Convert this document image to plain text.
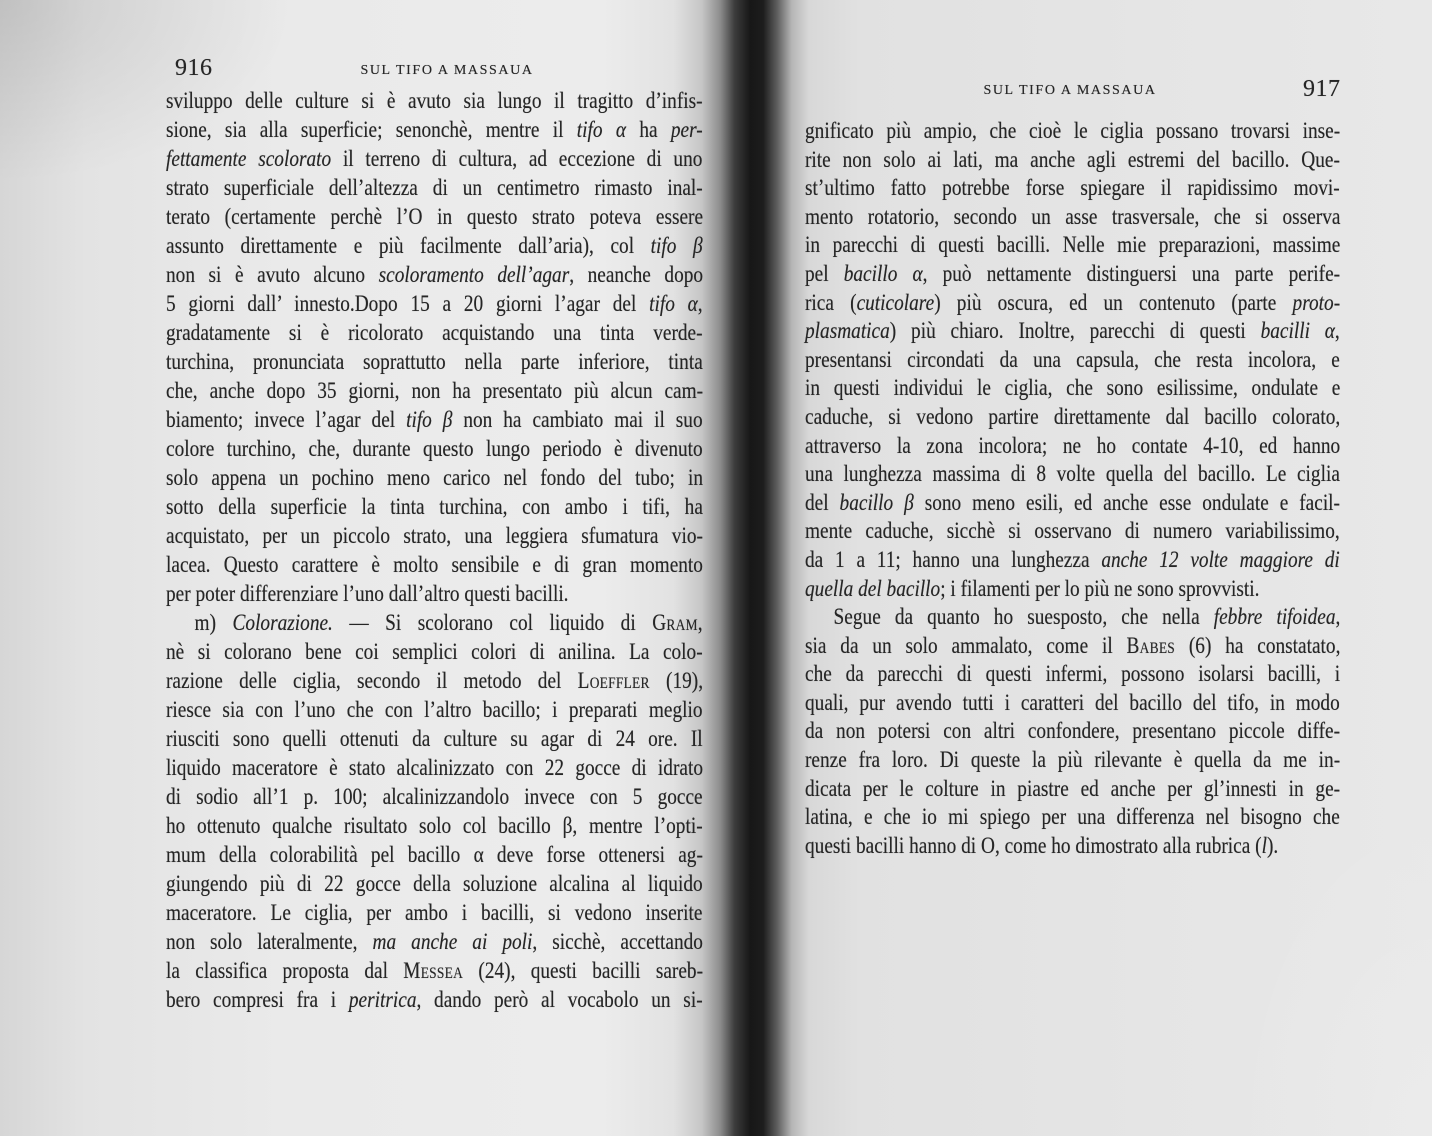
916	SUL TIFO A MASSAUA
sviluppo delle culture si è avuto sia lungo il tragitto d’infis-
sione, sia alla superficie; senonchè, mentre il tifo α ha per-
fettamente scolorato il terreno di cultura, ad eccezione di uno
strato superficiale dell’altezza di un centimetro rimasto inal-
terato (certamente perchè l’O in questo strato poteva essere
assunto direttamente e più facilmente dall’aria), col tifo β
non si è avuto alcuno scoloramento dell’agar, neanche dopo
5 giorni dall’ innesto.Dopo 15 a 20 giorni l’agar del tifo α,
gradatamente si è ricolorato acquistando una tinta verde-
turchina, pronunciata soprattutto nella parte inferiore, tinta
che, anche dopo 35 giorni, non ha presentato più alcun cam-
biamento; invece l’agar del tifo β non ha cambiato mai il suo
colore turchino, che, durante questo lungo periodo è divenuto
solo appena un pochino meno carico nel fondo del tubo; in
sotto della superficie la tinta turchina, con ambo i tifi, ha
acquistato, per un piccolo strato, una leggiera sfumatura vio-
lacea. Questo carattere è molto sensibile e di gran momento
per poter differenziare l’uno dall’altro questi bacilli.
m) Colorazione. — Si scolorano col liquido di Gram,
nè si colorano bene coi semplici colori di anilina. La colo-
razione delle ciglia, secondo il metodo del Loeffler (19),
riesce sia con l’uno che con l’altro bacillo; i preparati meglio
riusciti sono quelli ottenuti da culture su agar di 24 ore. Il
liquido maceratore è stato alcalinizzato con 22 gocce di idrato
di sodio all’1 p. 100; alcalinizzandolo invece con 5 gocce
ho ottenuto qualche risultato solo col bacillo β, mentre l’opti-
mum della colorabilità pel bacillo α deve forse ottenersi ag-
giungendo più di 22 gocce della soluzione alcalina al liquido
maceratore. Le ciglia, per ambo i bacilli, si vedono inserite
non solo lateralmente, ma anche ai poli, sicchè, accettando
la classifica proposta dal Messea (24), questi bacilli sareb-
bero compresi fra i peritrica, dando però al vocabolo un si-
SUL TIFO A MASSAUA	917
gnificato più ampio, che cioè le ciglia possano trovarsi inse-
rite non solo ai lati, ma anche agli estremi del bacillo. Que-
st’ultimo fatto potrebbe forse spiegare il rapidissimo movi-
mento rotatorio, secondo un asse trasversale, che si osserva
in parecchi di questi bacilli. Nelle mie preparazioni, massime
pel bacillo α, può nettamente distinguersi una parte perife-
rica (cuticolare) più oscura, ed un contenuto (parte proto-
plasmatica) più chiaro. Inoltre, parecchi di questi bacilli α,
presentansi circondati da una capsula, che resta incolora, e
in questi individui le ciglia, che sono esilissime, ondulate e
caduche, si vedono partire direttamente dal bacillo colorato,
attraverso la zona incolora; ne ho contate 4-10, ed hanno
una lunghezza massima di 8 volte quella del bacillo. Le ciglia
del bacillo β sono meno esili, ed anche esse ondulate e facil-
mente caduche, sicchè si osservano di numero variabilissimo,
da 1 a 11; hanno una lunghezza anche 12 volte maggiore di
quella del bacillo; i filamenti per lo più ne sono sprovvisti.
Segue da quanto ho suesposto, che nella febbre tifoidea,
sia da un solo ammalato, come il Babes (6) ha constatato,
che da parecchi di questi infermi, possono isolarsi bacilli, i
quali, pur avendo tutti i caratteri del bacillo del tifo, in modo
da non potersi con altri confondere, presentano piccole diffe-
renze fra loro. Di queste la più rilevante è quella da me in-
dicata per le colture in piastre ed anche per gl’innesti in ge-
latina, e che io mi spiego per una differenza nel bisogno che
questi bacilli hanno di O, come ho dimostrato alla rubrica (l).
